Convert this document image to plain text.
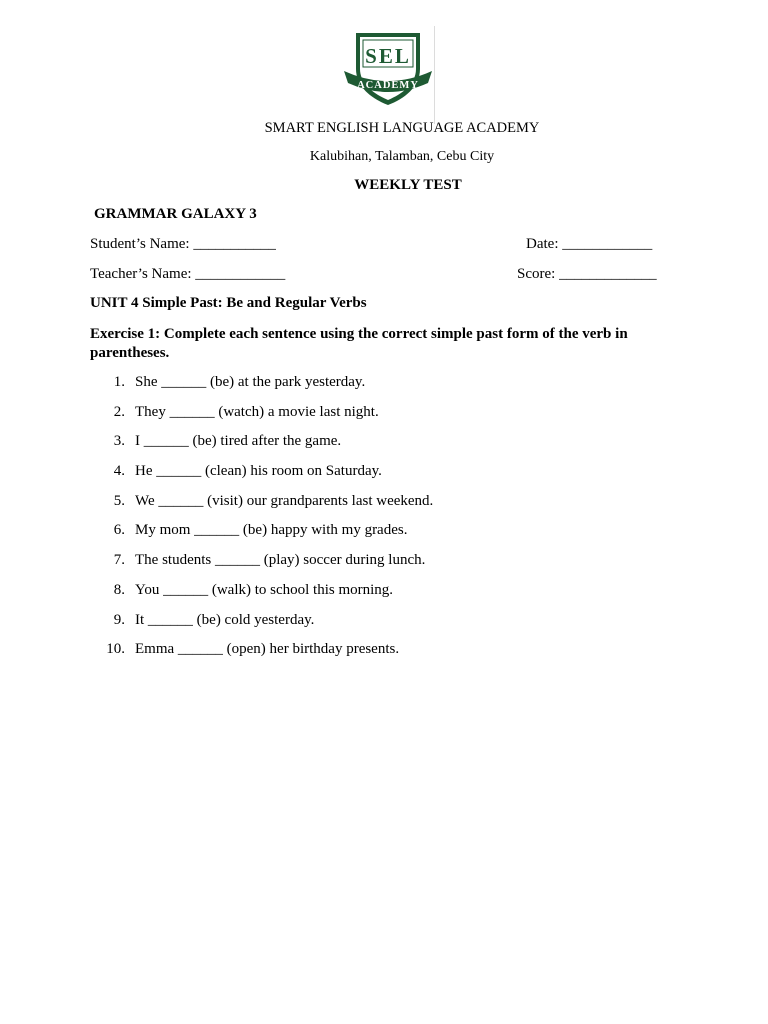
SEL
ACADEMY
SMART ENGLISH LANGUAGE ACADEMY
Kalubihan, Talamban, Cebu City
WEEKLY TEST
GRAMMAR GALAXY 3
Student’s Name: ___________	Date: ____________
Teacher’s Name: ____________	Score: _____________
UNIT 4 Simple Past: Be and Regular Verbs
Exercise 1: Complete each sentence using the correct simple past form of the verb in parentheses.
1. She ______ (be) at the park yesterday.
2. They ______ (watch) a movie last night.
3. I ______ (be) tired after the game.
4. He ______ (clean) his room on Saturday.
5. We ______ (visit) our grandparents last weekend.
6. My mom ______ (be) happy with my grades.
7. The students ______ (play) soccer during lunch.
8. You ______ (walk) to school this morning.
9. It ______ (be) cold yesterday.
10. Emma ______ (open) her birthday presents.
